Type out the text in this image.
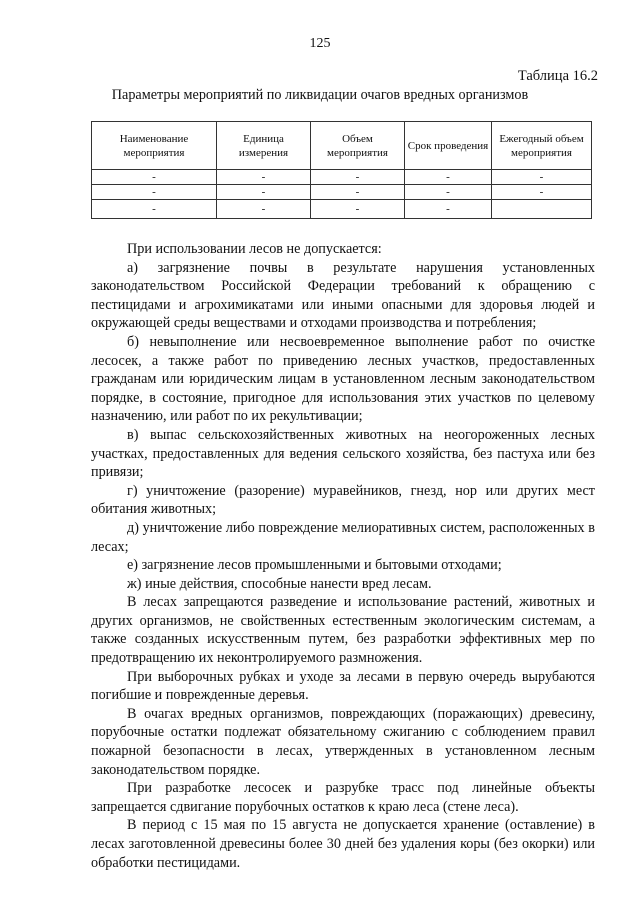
125
Таблица 16.2
Параметры мероприятий по ликвидации очагов вредных организмов
Наименование мероприятия	Единица измерения	Объем мероприятия	Срок проведения	Ежегодный объем мероприятия
-	-	-	-	-
-	-	-	-	-
-	-	-	-	

При использовании лесов не допускается:

а) загрязнение почвы в результате нарушения установленных законодательством Российской Федерации требований к обращению с пестицидами и агрохимикатами или иными опасными для здоровья людей и окружающей среды веществами и отходами производства и потребления;

б) невыполнение или несвоевременное выполнение работ по очистке лесосек, а также работ по приведению лесных участков, предоставленных гражданам или юридическим лицам в установленном лесным законодательством порядке, в состояние, пригодное для использования этих участков по целевому назначению, или работ по их рекультивации;

в) выпас сельскохозяйственных животных на неогороженных лесных участках, предоставленных для ведения сельского хозяйства, без пастуха или без привязи;

г) уничтожение (разорение) муравейников, гнезд, нор или других мест обитания животных;

д) уничтожение либо повреждение мелиоративных систем, расположенных в лесах;

е) загрязнение лесов промышленными и бытовыми отходами;

ж) иные действия, способные нанести вред лесам.

В лесах запрещаются разведение и использование растений, животных и других организмов, не свойственных естественным экологическим системам, а также созданных искусственным путем, без разработки эффективных мер по предотвращению их неконтролируемого размножения.

При выборочных рубках и уходе за лесами в первую очередь вырубаются погибшие и поврежденные деревья.

В очагах вредных организмов, повреждающих (поражающих) древесину, порубочные остатки подлежат обязательному сжиганию с соблюдением правил пожарной безопасности в лесах, утвержденных в установленном лесным законодательством порядке.

При разработке лесосек и разрубке трасс под линейные объекты запрещается сдвигание порубочных остатков к краю леса (стене леса).

В период с 15 мая по 15 августа не допускается хранение (оставление) в лесах заготовленной древесины более 30 дней без удаления коры (без окорки) или обработки пестицидами.
